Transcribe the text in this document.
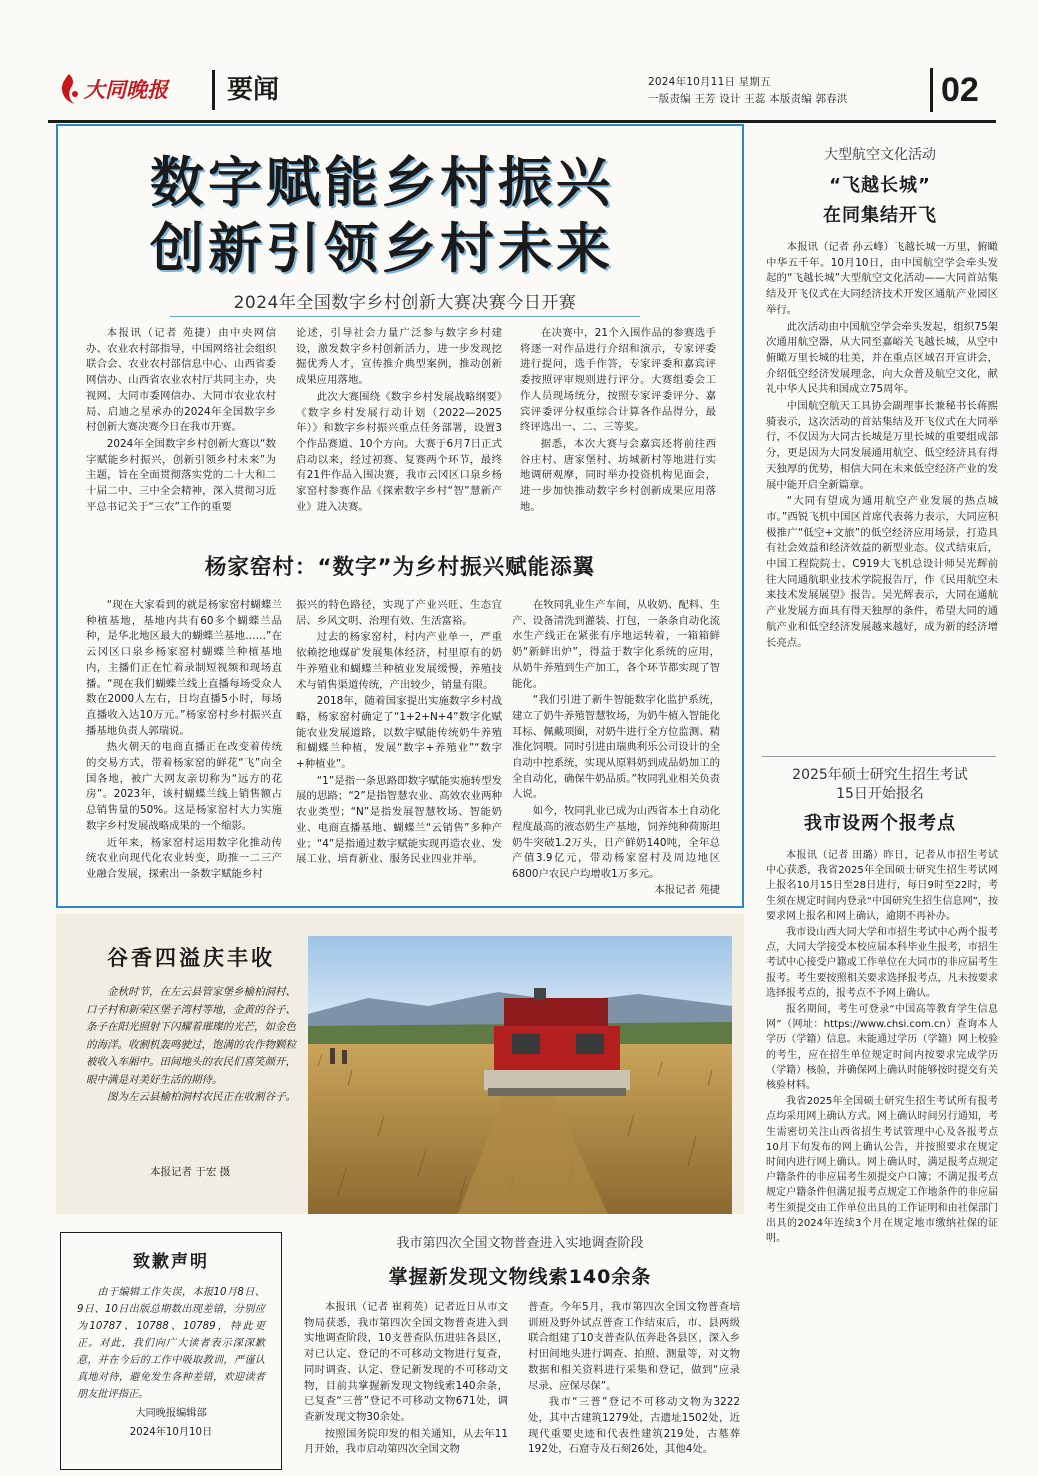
大同晚报	要闻	2024年10月11日 星期五
一版责编 王芳 设计 王蕊 本版责编 郭春洪	02
数字赋能乡村振兴
创新引领乡村未来
2024年全国数字乡村创新大赛决赛今日开赛

本报讯（记者 苑捷）由中央网信办、农业农村部指导，中国网络社会组织联合会、农业农村部信息中心、山西省委网信办、山西省农业农村厅共同主办，央视网、大同市委网信办、大同市农业农村局、启迪之星承办的2024年全国数字乡村创新大赛决赛今日在我市开赛。

2024年全国数字乡村创新大赛以“数字赋能乡村振兴，创新引领乡村未来”为主题，旨在全面贯彻落实党的二十大和二十届二中、三中全会精神，深入贯彻习近平总书记关于“三农”工作的重要

论述，引导社会力量广泛参与数字乡村建设，激发数字乡村创新活力，进一步发现挖掘优秀人才，宣传推介典型案例，推动创新成果应用落地。

此次大赛围绕《数字乡村发展战略纲要》《数字乡村发展行动计划（2022—2025年）》和数字乡村振兴重点任务部署，设置3个作品赛道、10个方向。大赛于6月7日正式启动以来，经过初赛、复赛两个环节，最终有21件作品入围决赛，我市云冈区口泉乡杨家窑村参赛作品《探索数字乡村“智”慧新产业》进入决赛。

在决赛中，21个入围作品的参赛选手将逐一对作品进行介绍和演示，专家评委进行提问，选手作答，专家评委和嘉宾评委按照评审规则进行评分。大赛组委会工作人员现场统分，按照专家评委评分、嘉宾评委评分权重综合计算各作品得分，最终评选出一、二、三等奖。

据悉，本次大赛与会嘉宾还将前往西谷庄村、唐家堡村、坊城新村等地进行实地调研观摩，同时举办投资机构见面会，进一步加快推动数字乡村创新成果应用落地。

杨家窑村：“数字”为乡村振兴赋能添翼

“现在大家看到的就是杨家窑村蝴蝶兰种植基地，基地内共有60多个蝴蝶兰品种，是华北地区最大的蝴蝶兰基地……”在云冈区口泉乡杨家窑村蝴蝶兰种植基地内，主播们正在忙着录制短视频和现场直播。“现在我们蝴蝶兰线上直播每场受众人数在2000人左右，日均直播5小时，每场直播收入达10万元。”杨家窑村乡村振兴直播基地负责人郭瑞说。

热火朝天的电商直播正在改变着传统的交易方式，带着杨家窑的鲜花“飞”向全国各地，被广大网友亲切称为“远方的花房”。2023年，该村蝴蝶兰线上销售额占总销售量的50%。这是杨家窑村大力实施数字乡村发展战略成果的一个缩影。

近年来，杨家窑村运用数字化推动传统农业向现代化农业转变，助推一二三产业融合发展，探索出一条数字赋能乡村

振兴的特色路径，实现了产业兴旺、生态宜居、乡风文明、治理有效、生活富裕。

过去的杨家窑村，村内产业单一，严重依赖挖地煤矿发展集体经济，村里原有的奶牛养殖业和蝴蝶兰种植业发展缓慢，养殖技术与销售渠道传统，产出较少，销量有限。

2018年，随着国家提出实施数字乡村战略，杨家窑村确定了“1+2+N+4”数字化赋能农业发展道路，以数字赋能传统奶牛养殖和蝴蝶兰种植，发展“数字+养殖业”“数字+种植业”。

“1”是指一条思路即数字赋能实施转型发展的思路；“2”是指智慧农业、高效农业两种农业类型；“N”是指发展智慧牧场、智能奶业、电商直播基地、蝴蝶兰“云销售”多种产业；“4”是指通过数字赋能实现再造农业、发展工业、培育新业、服务民业四业并举。

在牧同乳业生产车间，从收奶、配料、生产、设备清洗到灌装、打包，一条条自动化流水生产线正在紧张有序地运转着，一箱箱鲜奶“新鲜出炉”，得益于数字化系统的应用，从奶牛养殖到生产加工，各个环节都实现了智能化。

“我们引进了新牛智能数字化监护系统，建立了奶牛养殖智慧牧场，为奶牛植入智能化耳标、佩戴项圈，对奶牛进行全方位监测、精准化饲喂。同时引进由瑞典利乐公司设计的全自动中控系统，实现从原料奶到成品奶加工的全自动化，确保牛奶品质。”牧同乳业相关负责人说。

如今，牧同乳业已成为山西省本土自动化程度最高的液态奶生产基地，饲养纯种荷斯坦奶牛突破1.2万头，日产鲜奶140吨，全年总产值3.9亿元，带动杨家窑村及周边地区6800户农民户均增收1万多元。

本报记者 苑捷
谷香四溢庆丰收

金秋时节，在左云县管家堡乡榆柏洞村、口子村和新荣区堡子湾村等地，金黄的谷子、条子在阳光照射下闪耀着璀璨的光芒，如金色的海洋。收割机轰鸣驶过，饱满的农作物颗粒被收入车厢中。田间地头的农民们喜笑颜开，眼中满是对美好生活的期待。

图为左云县榆柏洞村农民正在收割谷子。

本报记者 于宏 摄
致歉声明

由于编辑工作失误，本报10月8日、9日、10日出版总期数出现差错，分别应为10787、10788、10789，特此更正。对此，我们向广大读者表示深深歉意，并在今后的工作中吸取教训，严谨认真地对待，避免发生各种差错，欢迎读者朋友批评指正。

大同晚报编辑部
2024年10月10日
我市第四次全国文物普查进入实地调查阶段
掌握新发现文物线索140余条

本报讯（记者 崔莉英）记者近日从市文物局获悉，我市第四次全国文物普查进入到实地调查阶段，10支普查队伍进驻各县区，对已认定、登记的不可移动文物进行复查，同时调查、认定、登记新发现的不可移动文物，目前共掌握新发现文物线索140余条，已复查“三普”登记不可移动文物671处，调查新发现文物30余处。

按照国务院印发的相关通知，从去年11月开始，我市启动第四次全国文物

普查。今年5月，我市第四次全国文物普查培训班及野外试点普查工作结束后，市、县两级联合组建了10支普查队伍奔赴各县区，深入乡村田间地头进行调查、拍照、测量等，对文物数据和相关资料进行采集和登记，做到“应录尽录、应保尽保”。

我市“三普”登记不可移动文物为3222处，其中古建筑1279处，古遗址1502处，近现代重要史迹和代表性建筑219处，古墓葬192处，石窟寺及石刻26处，其他4处。

大型航空文化活动
“飞越长城”
在同集结开飞

本报讯（记者 孙云峰）飞越长城一万里，俯瞰中华五千年。10月10日，由中国航空学会牵头发起的“飞越长城”大型航空文化活动——大同首站集结及开飞仪式在大同经济技术开发区通航产业园区举行。

此次活动由中国航空学会牵头发起，组织75架次通用航空器，从大同至嘉峪关飞越长城，从空中俯瞰万里长城的壮美，并在重点区域召开宣讲会，介绍低空经济发展理念，向大众普及航空文化，献礼中华人民共和国成立75周年。

中国航空航天工具协会副理事长兼秘书长蒋熙骑表示，这次活动的首站集结及开飞仪式在大同举行，不仅因为大同古长城是万里长城的重要组成部分，更是因为大同发展通用航空、低空经济具有得天独厚的优势，相信大同在未来低空经济产业的发展中能开启全新篇章。

“大同有望成为通用航空产业发展的热点城市。”西锐飞机中国区首席代表蒋力表示，大同应积极推广“低空+文旅”的低空经济应用场景，打造具有社会效益和经济效益的新型业态。仪式结束后，中国工程院院士、C919大飞机总设计师吴光辉前往大同通航职业技术学院报告厅，作《民用航空未来技术发展展望》报告。吴光辉表示，大同在通航产业发展方面具有得天独厚的条件，希望大同的通航产业和低空经济发展越来越好，成为新的经济增长亮点。

2025年硕士研究生招生考试
15日开始报名
我市设两个报考点

本报讯（记者 田璐）昨日，记者从市招生考试中心获悉，我省2025年全国硕士研究生招生考试网上报名10月15日至28日进行，每日9时至22时，考生须在规定时间内登录“中国研究生招生信息网”，按要求网上报名和网上确认，逾期不再补办。

我市设山西大同大学和市招生考试中心两个报考点，大同大学接受本校应届本科毕业生报考，市招生考试中心接受户籍或工作单位在大同市的非应届考生报考。考生要按照相关要求选择报考点，凡未按要求选择报考点的，报考点不予网上确认。

报名期间，考生可登录“中国高等教育学生信息网”（网址：https://www.chsi.com.cn）查询本人学历（学籍）信息。未能通过学历（学籍）网上校验的考生，应在招生单位规定时间内按要求完成学历（学籍）核验，并确保网上确认时能够按时提交有关核验材料。

我省2025年全国硕士研究生招生考试所有报考点均采用网上确认方式。网上确认时间另行通知，考生需密切关注山西省招生考试管理中心及各报考点10月下旬发布的网上确认公告，并按照要求在规定时间内进行网上确认。网上确认时，满足报考点规定户籍条件的非应届考生须提交户口簿；不满足报考点规定户籍条件但满足报考点规定工作地条件的非应届考生须提交由工作单位出具的工作证明和由社保部门出具的2024年连续3个月在规定地市缴纳社保的证明。
